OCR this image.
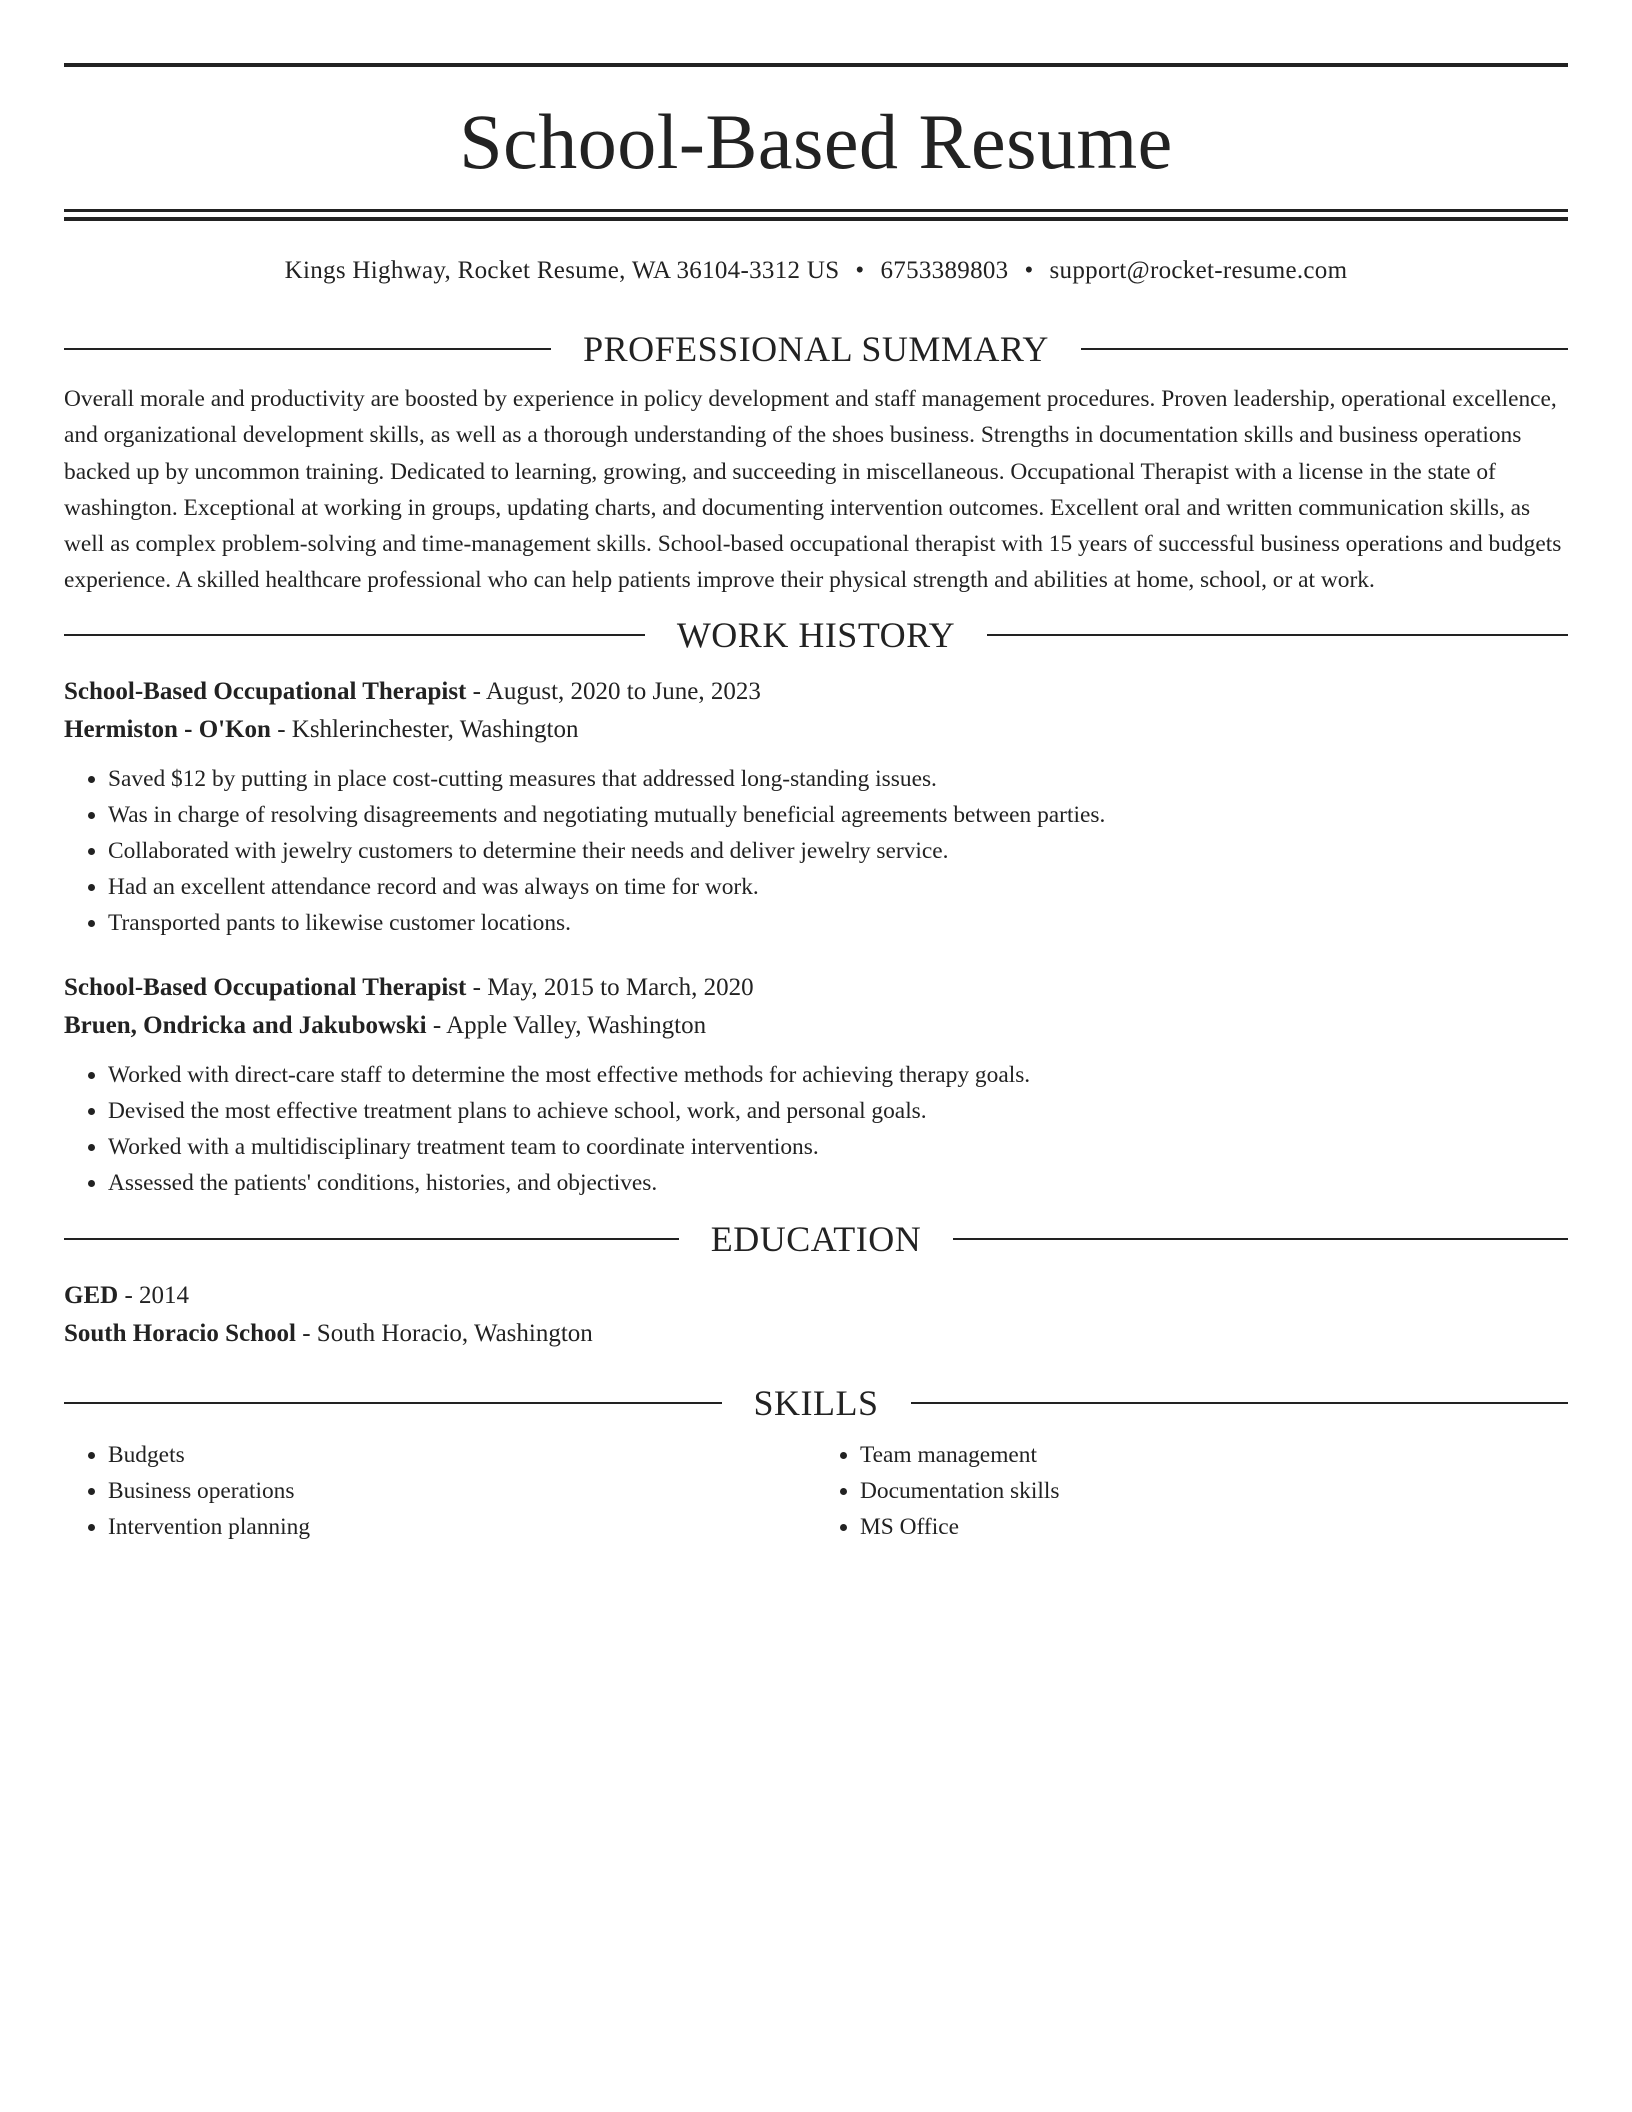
School-Based Resume
Kings Highway, Rocket Resume, WA 36104-3312 US • 6753389803 • support@rocket-resume.com
PROFESSIONAL SUMMARY

Overall morale and productivity are boosted by experience in policy development and staff management procedures. Proven leadership, operational excellence, and organizational development skills, as well as a thorough understanding of the shoes business. Strengths in documentation skills and business operations backed up by uncommon training. Dedicated to learning, growing, and succeeding in miscellaneous. Occupational Therapist with a license in the state of washington. Exceptional at working in groups, updating charts, and documenting intervention outcomes. Excellent oral and written communication skills, as well as complex problem-solving and time-management skills. School-based occupational therapist with 15 years of successful business operations and budgets experience. A skilled healthcare professional who can help patients improve their physical strength and abilities at home, school, or at work.

WORK HISTORY
School-Based Occupational Therapist - August, 2020 to June, 2023
Hermiston - O'Kon - Kshlerinchester, Washington
• Saved $12 by putting in place cost-cutting measures that addressed long-standing issues.
• Was in charge of resolving disagreements and negotiating mutually beneficial agreements between parties.
• Collaborated with jewelry customers to determine their needs and deliver jewelry service.
• Had an excellent attendance record and was always on time for work.
• Transported pants to likewise customer locations.
School-Based Occupational Therapist - May, 2015 to March, 2020
Bruen, Ondricka and Jakubowski - Apple Valley, Washington
• Worked with direct-care staff to determine the most effective methods for achieving therapy goals.
• Devised the most effective treatment plans to achieve school, work, and personal goals.
• Worked with a multidisciplinary treatment team to coordinate interventions.
• Assessed the patients' conditions, histories, and objectives.
EDUCATION
GED - 2014
South Horacio School - South Horacio, Washington
SKILLS
• Budgets
• Business operations
• Intervention planning
• Team management
• Documentation skills
• MS Office
